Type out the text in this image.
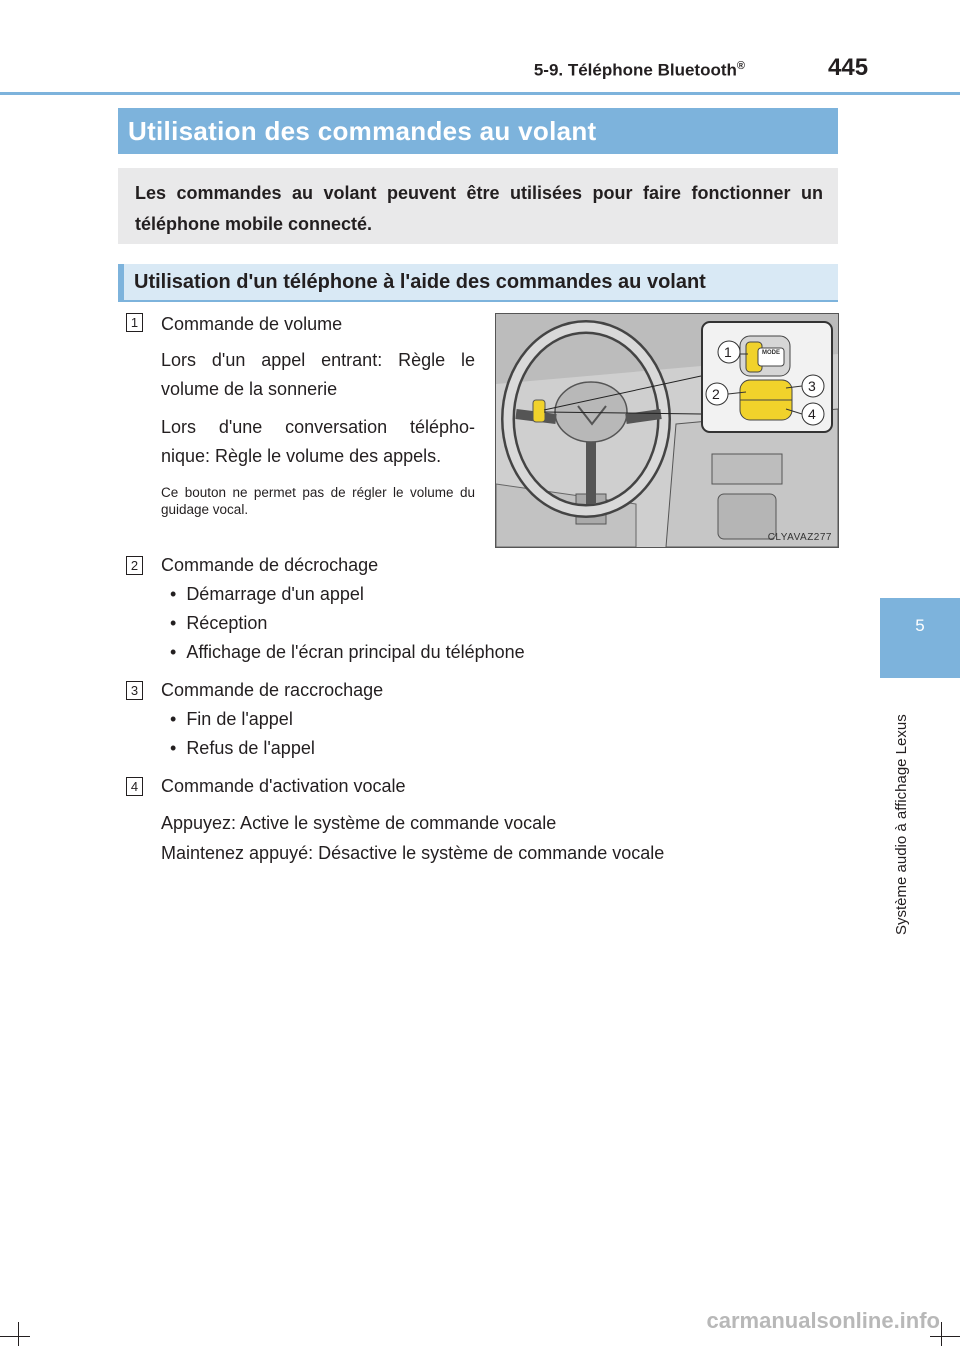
5-9. Téléphone Bluetooth®	445
5
Système audio à affichage Lexus
Utilisation des commandes au volant
Les commandes au volant peuvent être utilisées pour faire fonctionner un téléphone mobile connecté.
Utilisation d'un téléphone à l'aide des commandes au volant
1 Commande de volume
Lors d'un appel entrant: Règle le
volume de la sonnerie
Lors d'une conversation télépho-
nique: Règle le volume des appels.
Ce bouton ne permet pas de régler le volume du guidage vocal.
MODE
1
2	3
4
CLYAVAZ277
2 Commande de décrochage
•  Démarrage d'un appel
•  Réception
•  Affichage de l'écran principal du téléphone
3 Commande de raccrochage
•  Fin de l'appel
•  Refus de l'appel
4 Commande d'activation vocale
Appuyez: Active le système de commande vocale
Maintenez appuyé: Désactive le système de commande vocale
carmanualsonline.info
